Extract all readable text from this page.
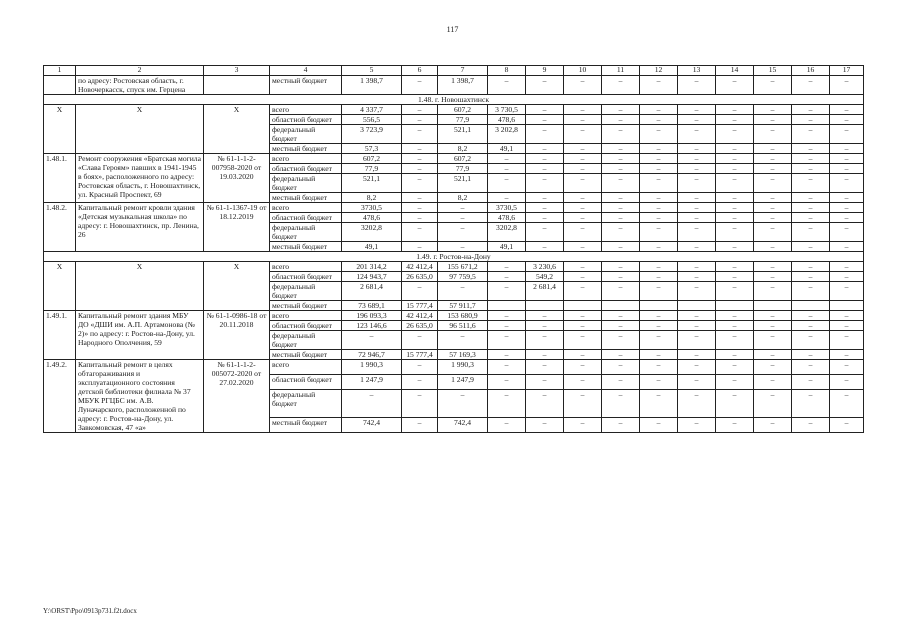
117
1	2	3	4	5	6	7	8	9	10	11	12	13	14	15	16	17
	по адресу: Ростовская область, г. Новочеркасск, спуск им. Герцена		местный бюджет	1 398,7	–	1 398,7	–	–	–	–	–	–	–	–	–	–
1.48. г. Новошахтинск																
Х	Х	Х	всего	4 337,7	–	607,2	3 730,5	–	–	–	–	–	–	–	–	–
			областной бюджет	556,5	–	77,9	478,6	–	–	–	–	–	–	–	–	–
			федеральный бюджет	3 723,9	–	521,1	3 202,8	–	–	–	–	–	–	–	–	–
			местный бюджет	57,3	–	8,2	49,1	–	–	–	–	–	–	–	–	–
1.48.1.	Ремонт сооружения «Братская могила «Слава Героям» павших в 1941-1945 в боях», расположенного по адресу: Ростовская область, г. Новошахтинск, ул. Красный Проспект, 69	№ 61-1-1-2-007958-2020 от 19.03.2020	всего	607,2	–	607,2	–	–	–	–	–	–	–	–	–	–
			областной бюджет	77,9	–	77,9	–	–	–	–	–	–	–	–	–	–
			федеральный бюджет	521,1	–	521,1	–	–	–	–	–	–	–	–	–	–
			местный бюджет	8,2	–	8,2	–	–	–	–	–	–	–	–	–	–
1.48.2.	Капитальный ремонт кровли здания «Детская музыкальная школа» по адресу: г. Новошахтинск, пр. Ленина, 26	№ 61-1-1367-19 от 18.12.2019	всего	3730,5	–	–	3730,5	–	–	–	–	–	–	–	–	–
			областной бюджет	478,6	–	–	478,6	–	–	–	–	–	–	–	–	–
			федеральный бюджет	3202,8	–	–	3202,8	–	–	–	–	–	–	–	–	–
			местный бюджет	49,1	–	–	49,1	–	–	–	–	–	–	–	–	–
1.49. г. Ростов-на-Дону																
Х	Х	Х	всего	201 314,2	42 412,4	155 671,2	–	3 230,6	–	–	–	–	–	–	–	–
			областной бюджет	124 943,7	26 635,0	97 759,5	–	549,2	–	–	–	–	–	–	–	–
			федеральный бюджет	2 681,4	–	–	–	2 681,4	–	–	–	–	–	–	–	–
			местный бюджет	73 689,1	15 777,4	57 911,7										
1.49.1.	Капитальный ремонт здания МБУ ДО «ДШИ им. А.П. Артамонова (№ 2)» по адресу: г. Ростов-на-Дону, ул. Народного Ополчения, 59	№ 61-1-0986-18 от 20.11.2018	всего	196 093,3	42 412,4	153 680,9	–	–	–	–	–	–	–	–	–	–
			областной бюджет	123 146,6	26 635,0	96 511,6	–	–	–	–	–	–	–	–	–	–
			федеральный бюджет	–	–	–	–	–	–	–	–	–	–	–	–	–
			местный бюджет	72 946,7	15 777,4	57 169,3	–	–	–	–	–	–	–	–	–	–
1.49.2.	Капитальный ремонт в целях обтагораживания и эксплуатационного состояния детской библиотеки филиала № 37 МБУК РГЦБС им. А.В. Луначарского, расположенной по адресу: г. Ростов-на-Дону, ул. Завкомовская, 47 «а»	№ 61-1-1-2-005072-2020 от 27.02.2020	всего	1 990,3	–	1 990,3	–	–	–	–	–	–	–	–	–	–
			областной бюджет	1 247,9	–	1 247,9	–	–	–	–	–	–	–	–	–	–
			федеральный бюджет	–	–	–	–	–	–	–	–	–	–	–	–	–
			местный бюджет	742,4	–	742,4	–	–	–	–	–	–	–	–	–	–
Y:\ORST\Ppo\0913p731.f2t.docx
